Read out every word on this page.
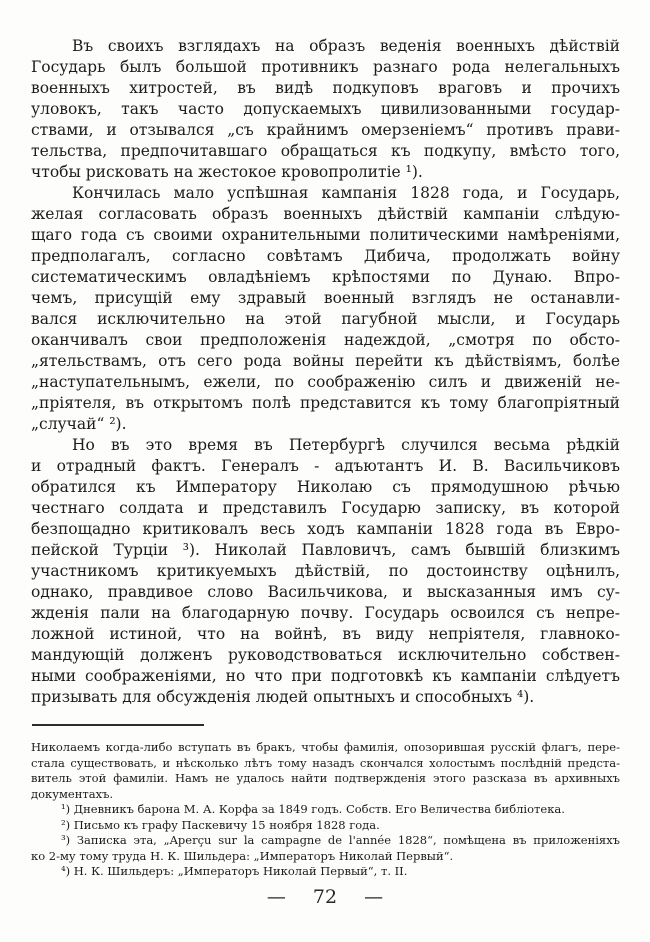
Въ своихъ взглядахъ на образъ веденія военныхъ дѣйствій
Государь былъ большой противникъ разнаго рода нелегальныхъ
военныхъ хитростей, въ видѣ подкуповъ враговъ и прочихъ
уловокъ, такъ часто допускаемыхъ цивилизованными государ-
ствами, и отзывался „съ крайнимъ омерзеніемъ“ противъ прави-
тельства, предпочитавшаго обращаться къ подкупу, вмѣсто того,
чтобы рисковать на жестокое кровопролитіе ¹).
Кончилась мало успѣшная кампанія 1828 года, и Государь,
желая согласовать образъ военныхъ дѣйствій кампаніи слѣдую-
щаго года съ своими охранительными политическими намѣреніями,
предполагалъ, согласно совѣтамъ Дибича, продолжать войну
систематическимъ овладѣніемъ крѣпостями по Дунаю. Впро-
чемъ, присущій ему здравый военный взглядъ не останавли-
вался исключительно на этой пагубной мысли, и Государь
оканчивалъ свои предположенія надеждой, „смотря по обсто-
„ятельствамъ, отъ сего рода войны перейти къ дѣйствіямъ, болѣе
„наступательнымъ, ежели, по соображенію силъ и движеній не-
„пріятеля, въ открытомъ полѣ представится къ тому благопріятный
„случай“ ²).
Но въ это время въ Петербургѣ случился весьма рѣдкій
и отрадный фактъ. Генералъ - адъютантъ И. В. Васильчиковъ
обратился къ Императору Николаю съ прямодушною рѣчью
честнаго солдата и представилъ Государю записку, въ которой
безпощадно критиковалъ весь ходъ кампаніи 1828 года въ Евро-
пейской Турціи ³). Николай Павловичъ, самъ бывшій близкимъ
участникомъ критикуемыхъ дѣйствій, по достоинству оцѣнилъ,
однако, правдивое слово Васильчикова, и высказанныя имъ су-
жденія пали на благодарную почву. Государь освоился съ непре-
ложной истиной, что на войнѣ, въ виду непріятеля, главноко-
мандующій долженъ руководствоваться исключительно собствен-
ными соображеніями, но что при подготовкѣ къ кампаніи слѣдуетъ
призывать для обсужденія людей опытныхъ и способныхъ ⁴).
Николаемъ когда-либо вступать въ бракъ, чтобы фамилія, опозорившая русскій флагъ, пере-
стала существовать, и нѣсколько лѣтъ тому назадъ скончался холостымъ послѣдній предста-
витель этой фамиліи. Намъ не удалось найти подтвержденія этого разсказа въ архивныхъ
документахъ.
¹) Дневникъ барона М. А. Корфа за 1849 годъ. Собств. Его Величества библіотека.
²) Письмо къ графу Паскевичу 15 ноября 1828 года.
³) Записка эта, „Aperçu sur la campagne de l'année 1828“, помѣщена въ приложеніяхъ
ко 2-му тому труда Н. К. Шильдера: „Императоръ Николай Первый“.
⁴) Н. К. Шильдеръ: „Императоръ Николай Первый“, т. II.
— 72 —
